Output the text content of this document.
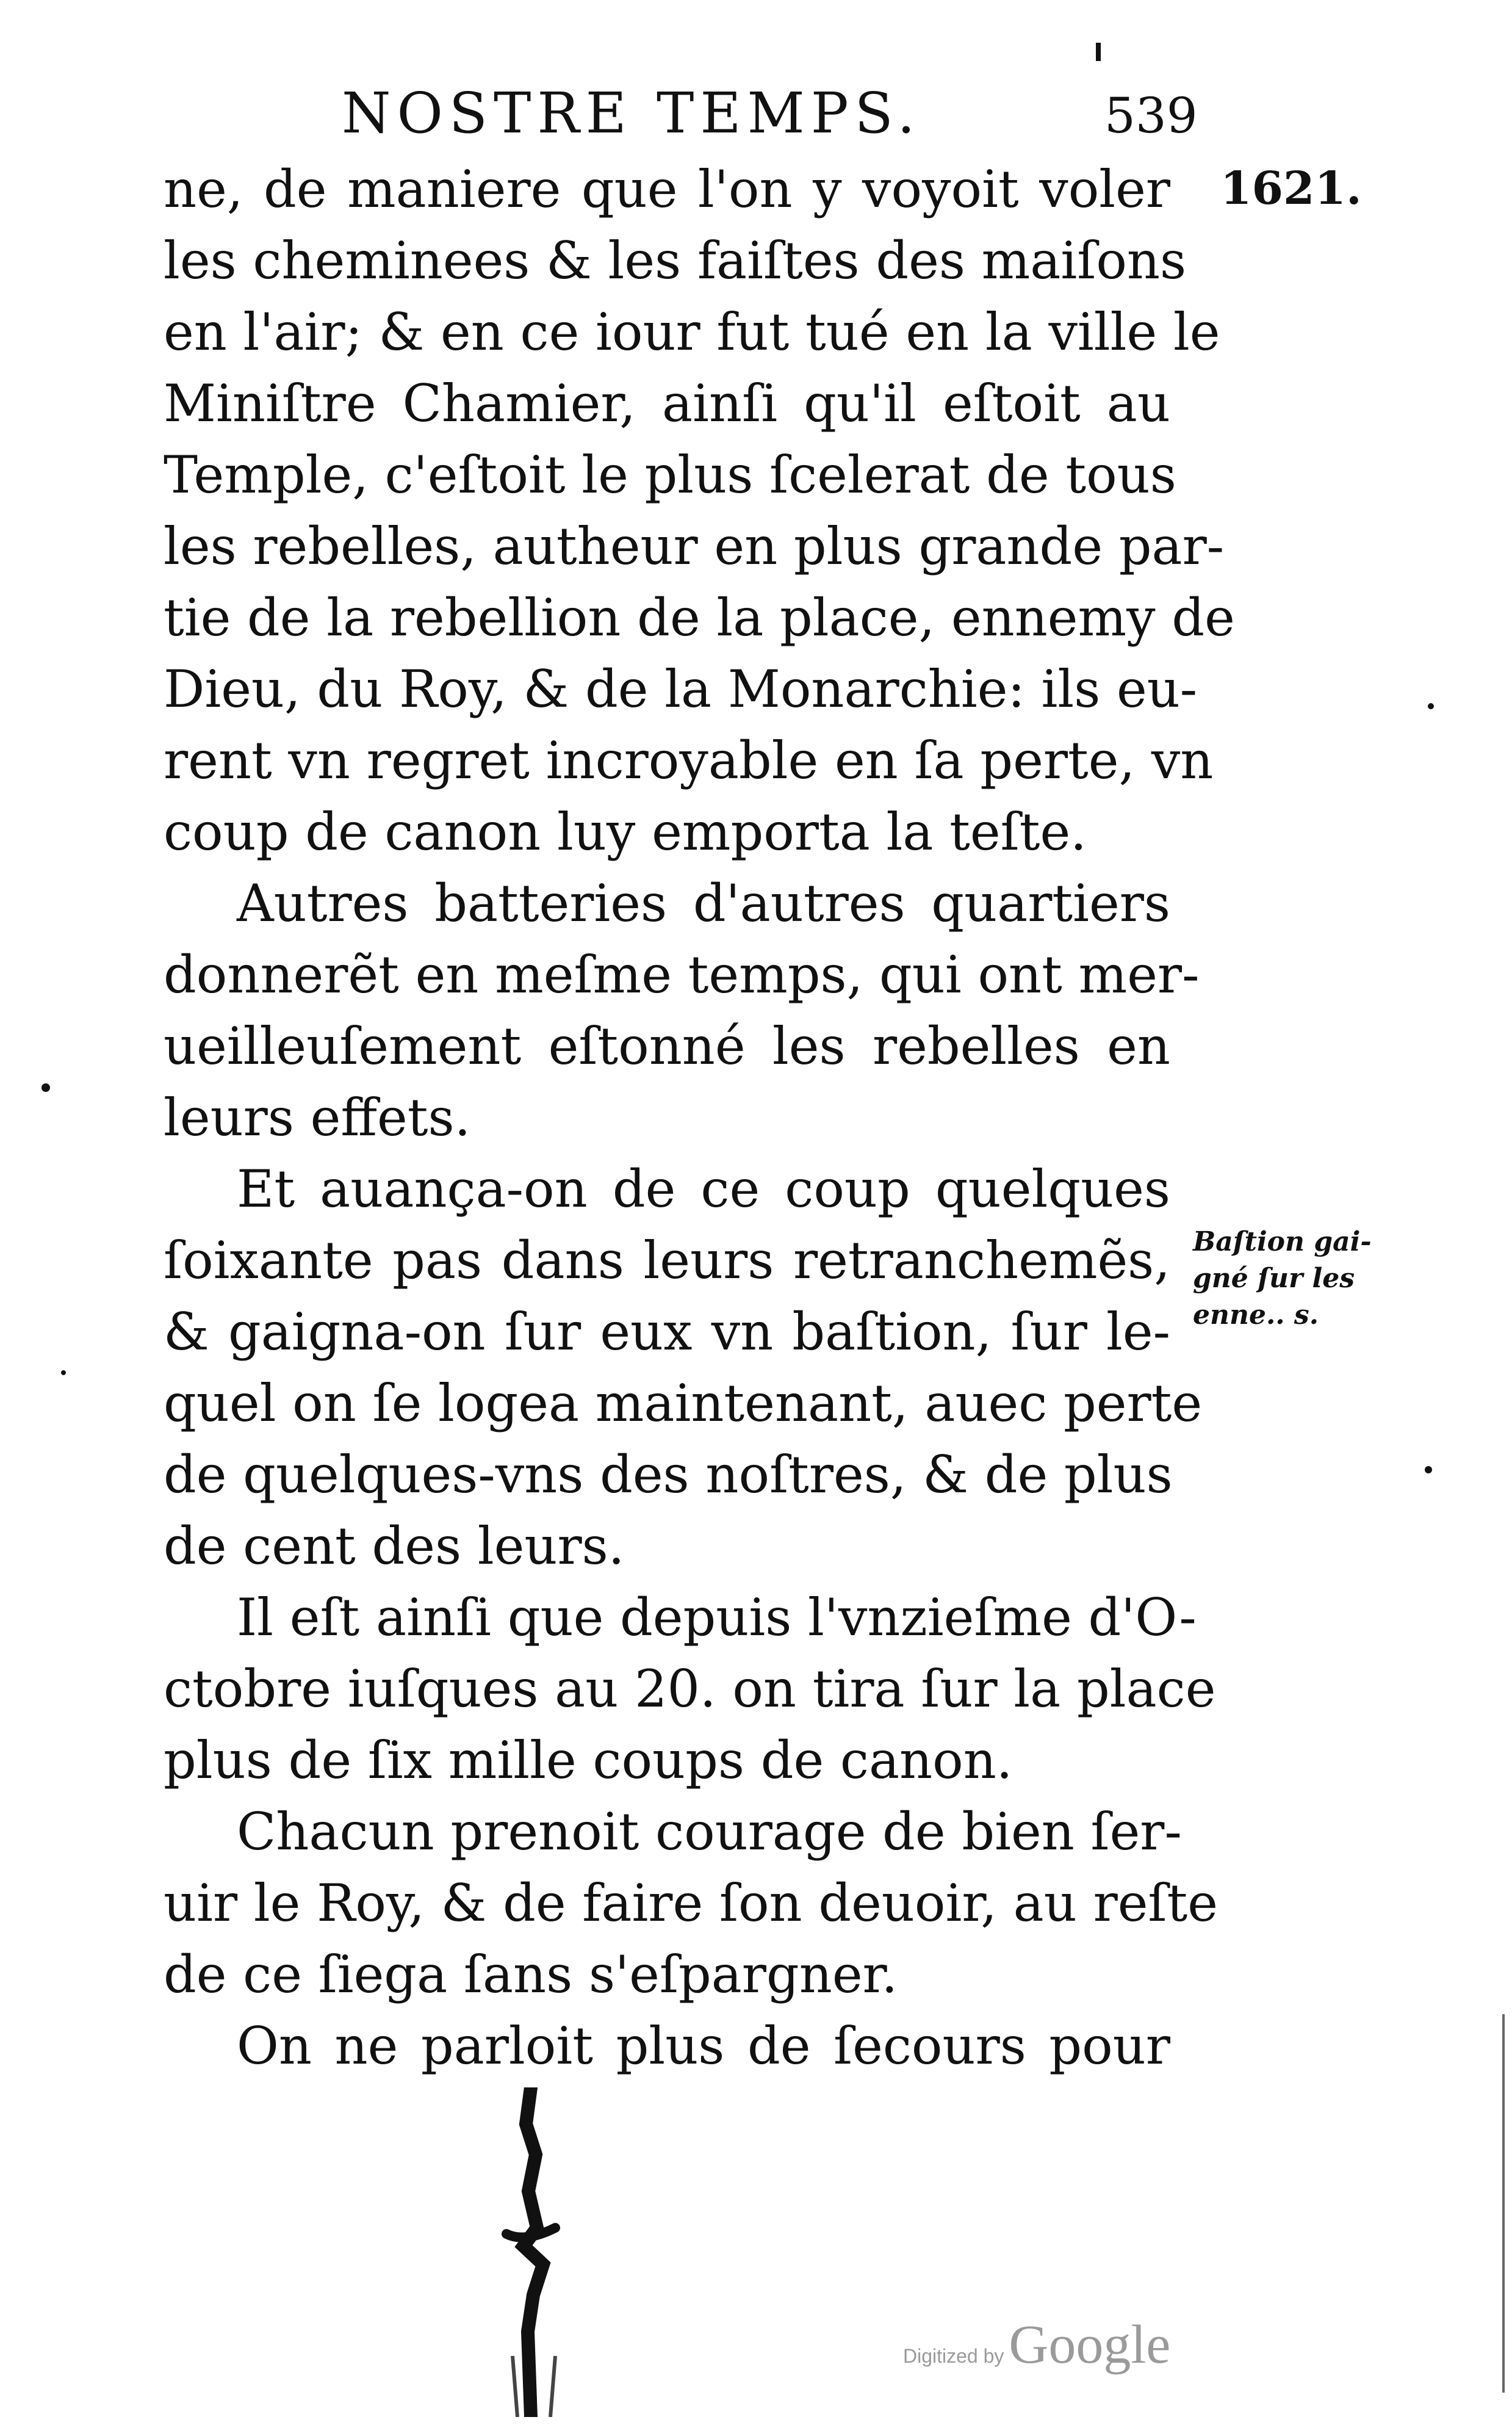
NOSTRE TEMPS.	539
1621.
ne, de maniere que l'on y voyoit voler
les cheminees & les faiſtes des maiſons
en l'air; & en ce iour fut tué en la ville le
Miniſtre Chamier, ainſi qu'il eſtoit au
Temple, c'eſtoit le plus ſcelerat de tous
les rebelles, autheur en plus grande par-
tie de la rebellion de la place, ennemy de
Dieu, du Roy, & de la Monarchie: ils eu-
rent vn regret incroyable en ſa perte, vn
coup de canon luy emporta la teſte.
Autres batteries d'autres quartiers
donnerẽt en meſme temps, qui ont mer-
ueilleuſement eſtonné les rebelles en
leurs effets.
Et auança-on de ce coup quelques
ſoixante pas dans leurs retranchemẽs,
& gaigna-on ſur eux vn baſtion, ſur le-
quel on ſe logea maintenant, auec perte
de quelques-vns des noſtres, & de plus
de cent des leurs.
Il eſt ainſi que depuis l'vnzieſme d'O-
ctobre iuſques au 20. on tira ſur la place
plus de ſix mille coups de canon.
Chacun prenoit courage de bien ſer-
uir le Roy, & de faire ſon deuoir, au reſte
de ce ſiega ſans s'eſpargner.
On ne parloit plus de ſecours pour
Baſtion gai-
gné ſur les
enne.. s.
Digitized byGoogle
